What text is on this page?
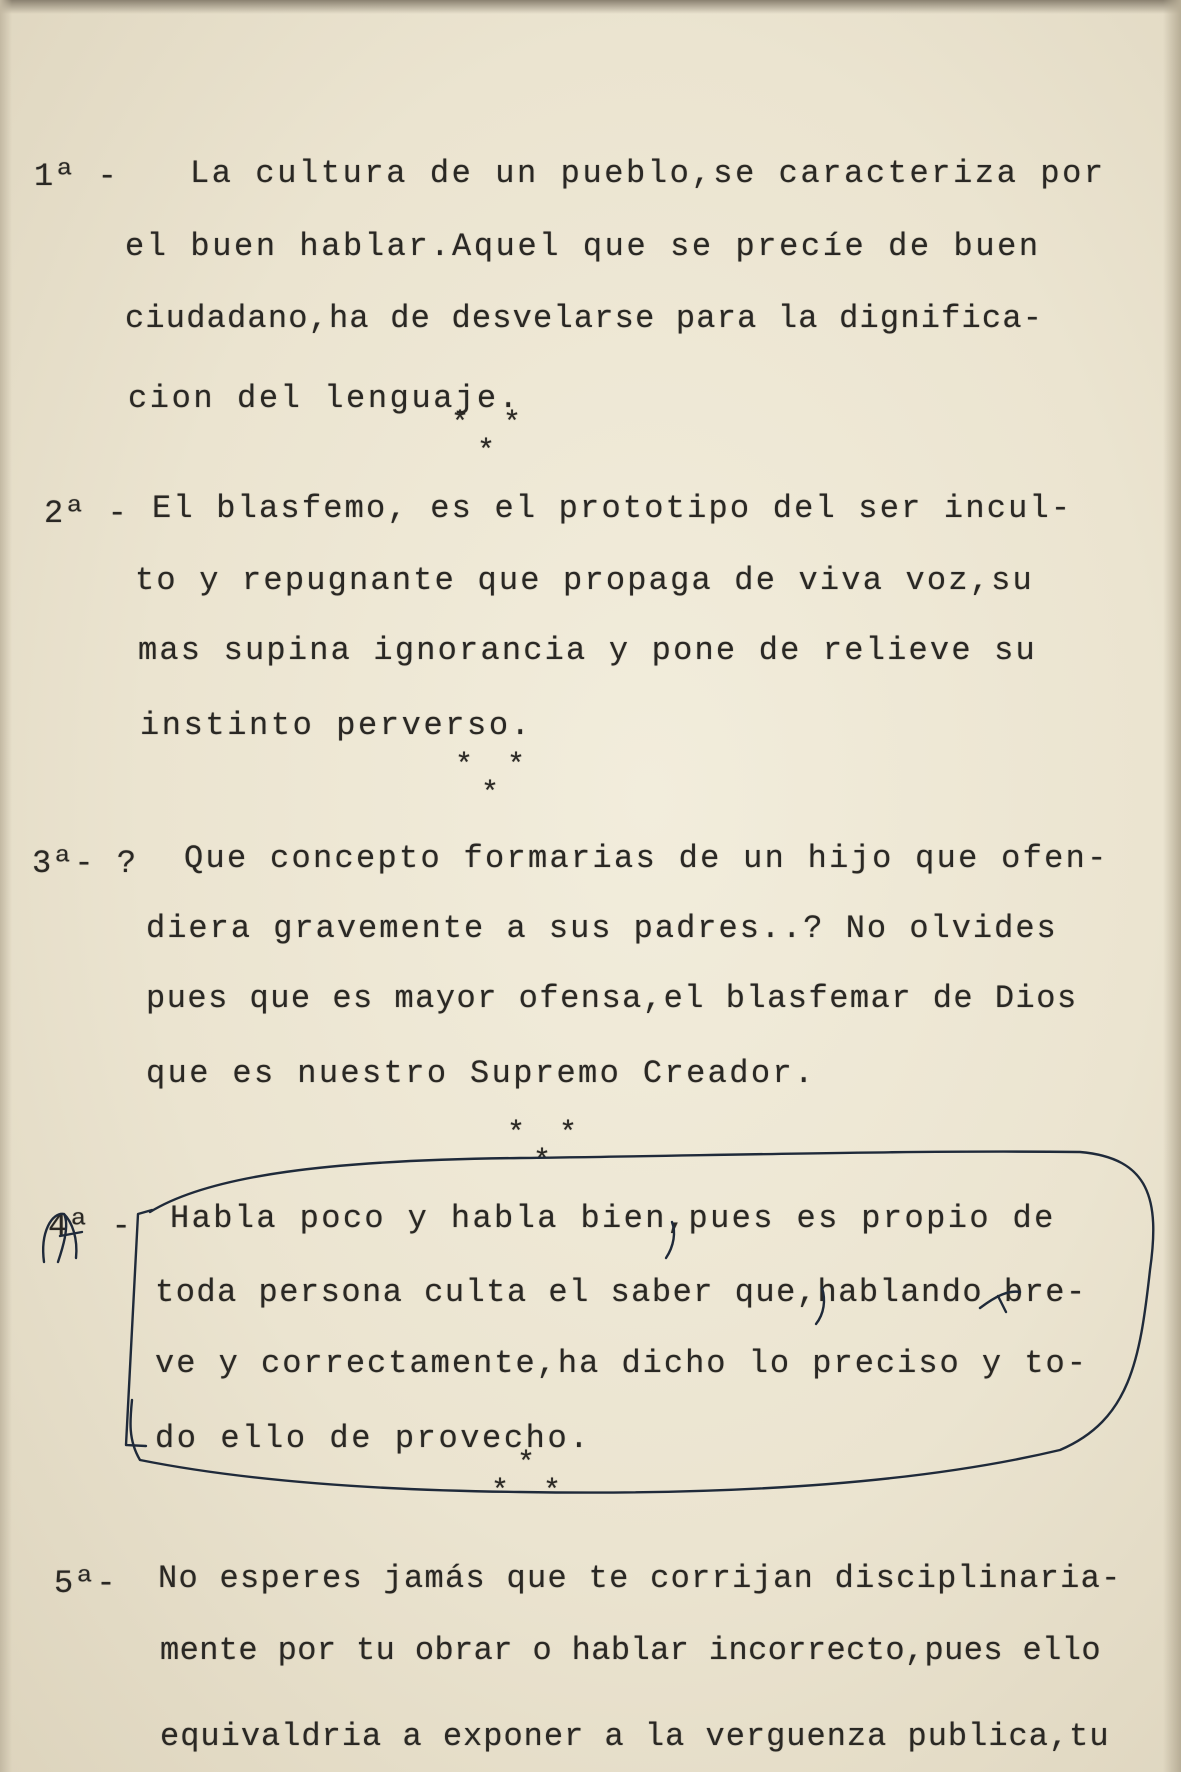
1ª - La cultura de un pueblo,se caracteriza por
el buen hablar.Aquel que se precíe de buen
ciudadano,ha de desvelarse para la dignifica-
cion del lenguaje.
* *
*
2ª - El blasfemo, es el prototipo del ser incul-
to y repugnante que propaga de viva voz,su
mas supina ignorancia y pone de relieve su
instinto perverso.
* *
*
3ª- ? Que concepto formarias de un hijo que ofen-
diera gravemente a sus padres..? No olvides
pues que es mayor ofensa,el blasfemar de Dios
que es nuestro Supremo Creador.
* *
*
4ª - Habla poco y habla bien,pues es propio de
toda persona culta el saber que,hablando bre-
ve y correctamente,ha dicho lo preciso y to-
do ello de provecho.
*
* *
5ª- No esperes jamás que te corrijan disciplinaria-
mente por tu obrar o hablar incorrecto,pues ello
equivaldria a exponer a la verguenza publica,tu
